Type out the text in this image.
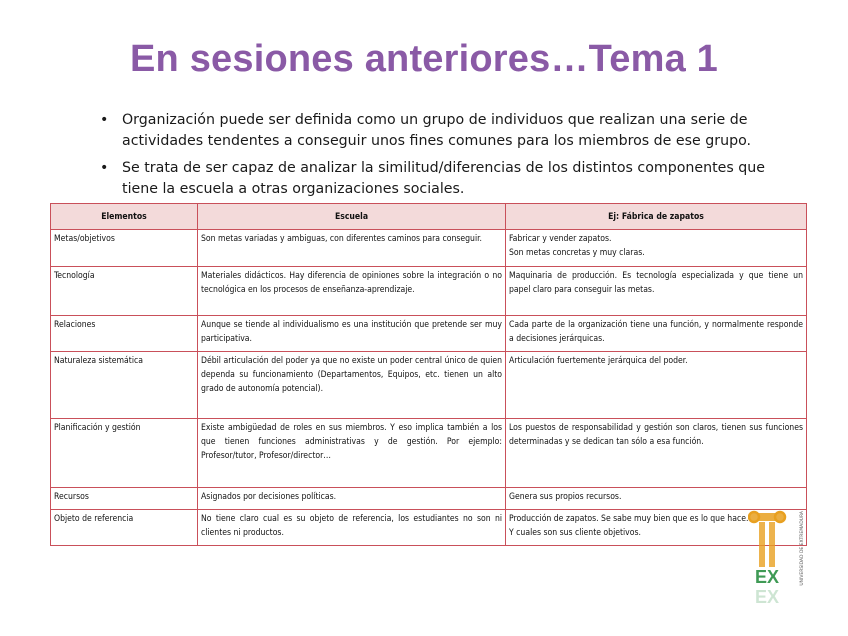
En sesiones anteriores…Tema 1
• Organización puede ser definida como un grupo de individuos que realizan una serie de actividades tendentes a conseguir unos fines comunes para los miembros de ese grupo.
• Se trata de ser capaz de analizar la similitud/diferencias de los distintos componentes que tiene la escuela a otras organizaciones sociales.
Elementos	Escuela	Ej: Fábrica de zapatos
Metas/objetivos	Son metas variadas y ambiguas, con diferentes caminos para conseguir.	Fabricar y vender zapatos.
Son metas concretas y muy claras.

Tecnología	Materiales didácticos. Hay diferencia de opiniones sobre la integración o no tecnológica en los procesos de enseñanza-aprendizaje.	Maquinaria de producción. Es tecnología especializada y que tiene un papel claro para conseguir las metas.
Relaciones	Aunque se tiende al individualismo es una institución que pretende ser muy participativa.	Cada parte de la organización tiene una función, y normalmente responde a decisiones jerárquicas.
Naturaleza sistemática	Débil articulación del poder ya que no existe un poder central único de quien dependa su funcionamiento (Departamentos, Equipos, etc. tienen un alto grado de autonomía potencial).	Articulación fuertemente jerárquica del poder.
Planificación y gestión	Existe ambigüedad de roles en sus miembros. Y eso implica también a los que tienen funciones administrativas y de gestión. Por ejemplo: Profesor/tutor, Profesor/director…	Los puestos de responsabilidad y gestión son claros, tienen sus funciones determinadas y se dedican tan sólo a esa función.
Recursos	Asignados por decisiones políticas.	Genera sus propios recursos.
Objeto de referencia	No tiene claro cual es su objeto de referencia, los estudiantes no son ni clientes ni productos.	Producción de zapatos. Se sabe muy bien que es lo que hace.
Y cuales son sus cliente objetivos.
EX
EX
UNIVERSIDAD DE EXTREMADURA
